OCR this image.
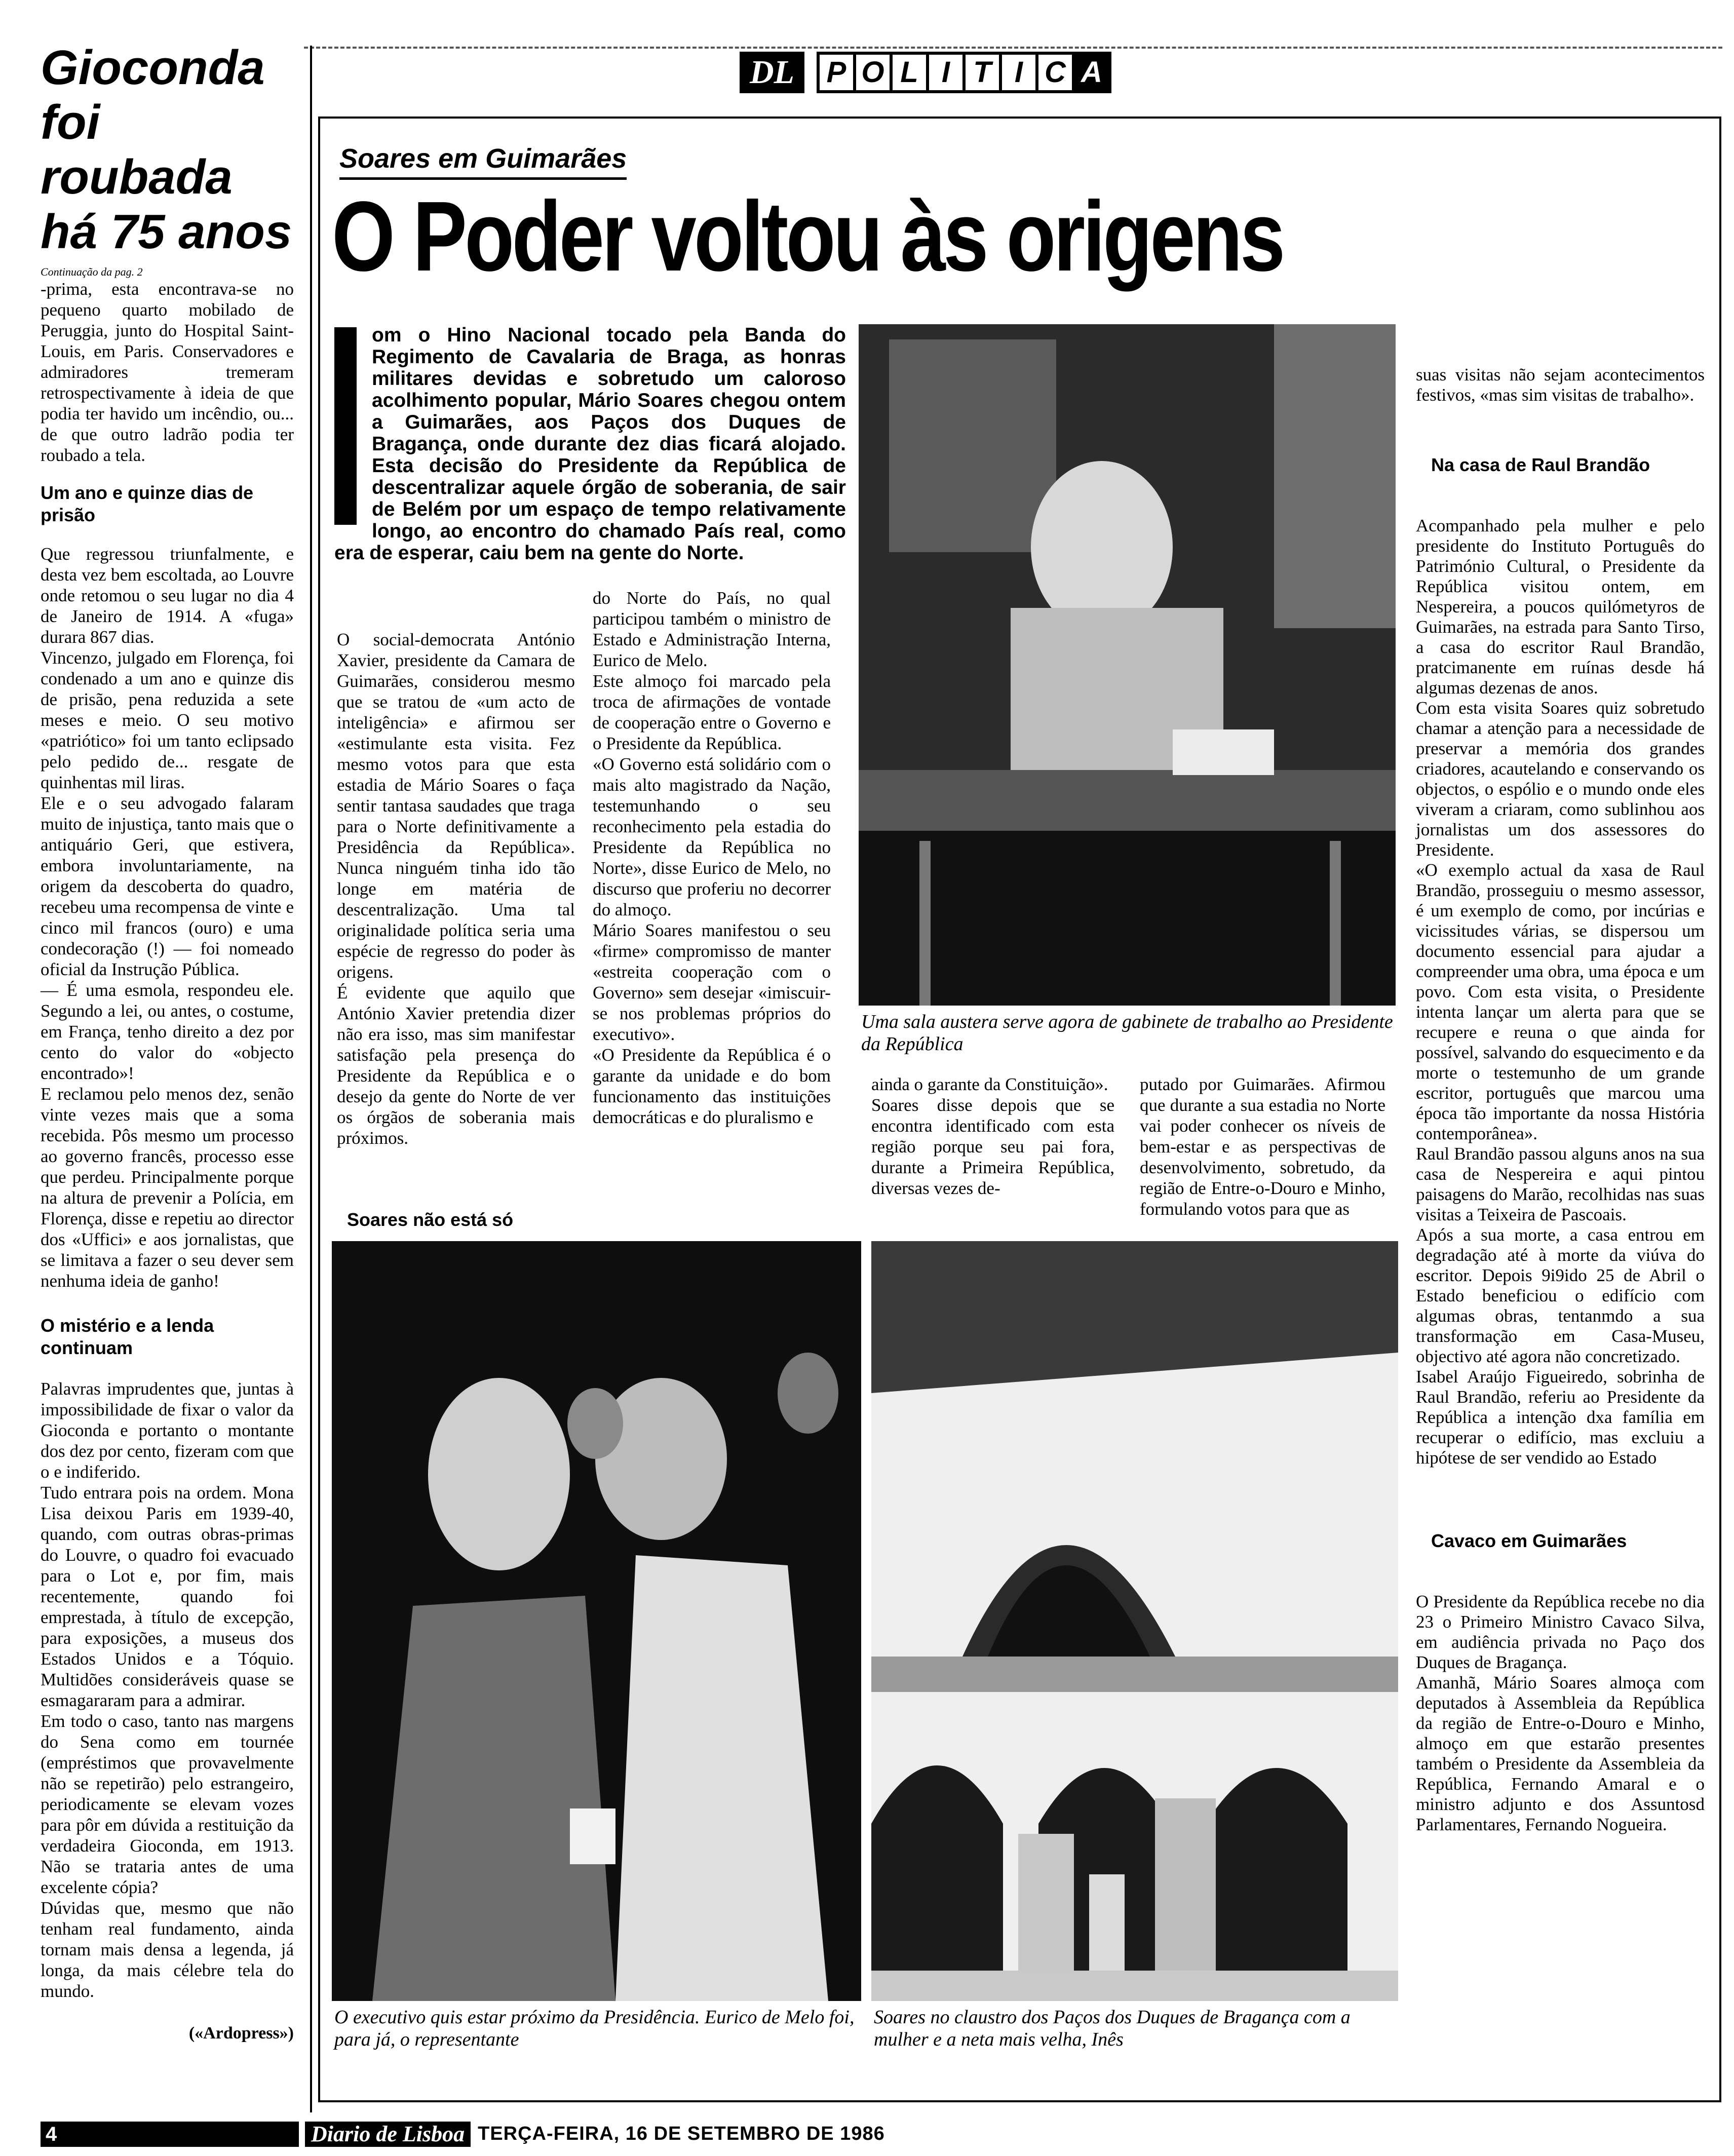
Gioconda
foi
roubada
há 75 anos
Continuação da pag. 2
-prima, esta encontrava-se no pequeno quarto mobilado de Peruggia, junto do Hospital Saint-Louis, em Paris. Conservadores e admiradores tremeram retrospectivamente à ideia de que podia ter havido um incêndio, ou... de que outro ladrão podia ter roubado a tela.
Um ano e quinze dias de prisão
Que regressou triunfalmente, e desta vez bem escoltada, ao Louvre onde retomou o seu lugar no dia 4 de Janeiro de 1914. A «fuga» durara 867 dias.
Vincenzo, julgado em Florença, foi condenado a um ano e quinze dis de prisão, pena reduzida a sete meses e meio. O seu motivo «patriótico» foi um tanto eclipsado pelo pedido de... resgate de quinhentas mil liras.
Ele e o seu advogado falaram muito de injustiça, tanto mais que o antiquário Geri, que estivera, embora involuntariamente, na origem da descoberta do quadro, recebeu uma recompensa de vinte e cinco mil francos (ouro) e uma condecoração (!) — foi nomeado oficial da Instrução Pública.
— É uma esmola, respondeu ele. Segundo a lei, ou antes, o costume, em França, tenho direito a dez por cento do valor do «objecto encontrado»!
E reclamou pelo menos dez, senão vinte vezes mais que a soma recebida. Pôs mesmo um processo ao governo francês, processo esse que perdeu. Principalmente porque na altura de prevenir a Polícia, em Florença, disse e repetiu ao director dos «Uffici» e aos jornalistas, que se limitava a fazer o seu dever sem nenhuma ideia de ganho!
O mistério e a lenda continuam
Palavras imprudentes que, juntas à impossibilidade de fixar o valor da Gioconda e portanto o montante dos dez por cento, fizeram com que o e indiferido.
Tudo entrara pois na ordem. Mona Lisa deixou Paris em 1939-40, quando, com outras obras-primas do Louvre, o quadro foi evacuado para o Lot e, por fim, mais recentemente, quando foi emprestada, à título de excepção, para exposições, a museus dos Estados Unidos e a Tóquio. Multidões consideráveis quase se esmagararam para a admirar.
Em todo o caso, tanto nas margens do Sena como em tournée (empréstimos que provavelmente não se repetirão) pelo estrangeiro, periodicamente se elevam vozes para pôr em dúvida a restituição da verdadeira Gioconda, em 1913. Não se trataria antes de uma excelente cópia?
Dúvidas que, mesmo que não tenham real fundamento, ainda tornam mais densa a legenda, já longa, da mais célebre tela do mundo.
(«Ardopress»)
DL	P O L I T I C A
Soares em Guimarães
O Poder voltou às origens
C	om o Hino Nacional tocado pela Banda do Regimento de Cavalaria de Braga, as honras militares devidas e sobretudo um caloroso acolhimento popular, Mário Soares chegou ontem a Guimarães, aos Paços dos Duques de Bragança, onde durante dez dias ficará alojado. Esta decisão do Presidente da República de descentralizar aquele órgão de soberania, de sair de Belém por um espaço de tempo relativamente longo, ao encontro do chamado País real, como era de esperar, caiu bem na gente do Norte.

O social-democrata António Xavier, presidente da Camara de Guimarães, considerou mesmo que se tratou de «um acto de inteligência» e afirmou ser «estimulante esta visita. Fez mesmo votos para que esta estadia de Mário Soares o faça sentir tantasa saudades que traga para o Norte definitivamente a Presidência da República». Nunca ninguém tinha ido tão longe em matéria de descentralização. Uma tal originalidade política seria uma espécie de regresso do poder às origens.
É evidente que aquilo que António Xavier pretendia dizer não era isso, mas sim manifestar satisfação pela presença do Presidente da República e o desejo da gente do Norte de ver os órgãos de soberania mais próximos.

Soares não está só

do Norte do País, no qual participou também o ministro de Estado e Administração Interna, Eurico de Melo.
Este almoço foi marcado pela troca de afirmações de vontade de cooperação entre o Governo e o Presidente da República.
«O Governo está solidário com o mais alto magistrado da Nação, testemunhando o seu reconhecimento pela estadia do Presidente da República no Norte», disse Eurico de Melo, no discurso que proferiu no decorrer do almoço.
Mário Soares manifestou o seu «firme» compromisso de manter «estreita cooperação com o Governo» sem desejar «imiscuir-se nos problemas próprios do executivo».
«O Presidente da República é o garante da unidade e do bom funcionamento das instituições democráticas e do pluralismo e
Uma sala austera serve agora de gabinete de trabalho ao Presidente da República
ainda o garante da Constituição».
Soares disse depois que se encontra identificado com esta região porque seu pai fora, durante a Primeira República, diversas vezes de-
putado por Guimarães. Afirmou que durante a sua estadia no Norte vai poder conhecer os níveis de bem-estar e as perspectivas de desenvolvimento, sobretudo, da região de Entre-o-Douro e Minho, formulando votos para que as

suas visitas não sejam acontecimentos festivos, «mas sim visitas de trabalho».

Na casa de Raul Brandão

Acompanhado pela mulher e pelo presidente do Instituto Português do Património Cultural, o Presidente da República visitou ontem, em Nespereira, a poucos quilómetyros de Guimarães, na estrada para Santo Tirso, a casa do escritor Raul Brandão, pratcimanente em ruínas desde há algumas dezenas de anos.
Com esta visita Soares quiz sobretudo chamar a atenção para a necessidade de preservar a memória dos grandes criadores, acautelando e conservando os objectos, o espólio e o mundo onde eles viveram a criaram, como sublinhou aos jornalistas um dos assessores do Presidente.
«O exemplo actual da xasa de Raul Brandão, prosseguiu o mesmo assessor, é um exemplo de como, por incúrias e vicissitudes várias, se dispersou um documento essencial para ajudar a compreender uma obra, uma época e um povo. Com esta visita, o Presidente intenta lançar um alerta para que se recupere e reuna o que ainda for possível, salvando do esquecimento e da morte o testemunho de um grande escritor, português que marcou uma época tão importante da nossa História contemporânea».
Raul Brandão passou alguns anos na sua casa de Nespereira e aqui pintou paisagens do Marão, recolhidas nas suas visitas a Teixeira de Pascoais.
Após a sua morte, a casa entrou em degradação até à morte da viúva do escritor. Depois 9i9ido 25 de Abril o Estado beneficiou o edifício com algumas obras, tentanmdo a sua transformação em Casa-Museu, objectivo até agora não concretizado.
Isabel Araújo Figueiredo, sobrinha de Raul Brandão, referiu ao Presidente da República a intenção dxa família em recuperar o edifício, mas excluiu a hipótese de ser vendido ao Estado

Cavaco em Guimarães

O Presidente da República recebe no dia 23 o Primeiro Ministro Cavaco Silva, em audiência privada no Paço dos Duques de Bragança.
Amanhã, Mário Soares almoça com deputados à Assembleia da República da região de Entre-o-Douro e Minho, almoço em que estarão presentes também o Presidente da Assembleia da República, Fernando Amaral e o ministro adjunto e dos Assuntosd Parlamentares, Fernando Nogueira.

O executivo quis estar próximo da Presidência. Eurico de Melo foi, para já, o representante
Soares no claustro dos Paços dos Duques de Bragança com a mulher e a neta mais velha, Inês
4	Diario de Lisboa TERÇA-FEIRA, 16 DE SETEMBRO DE 1986
